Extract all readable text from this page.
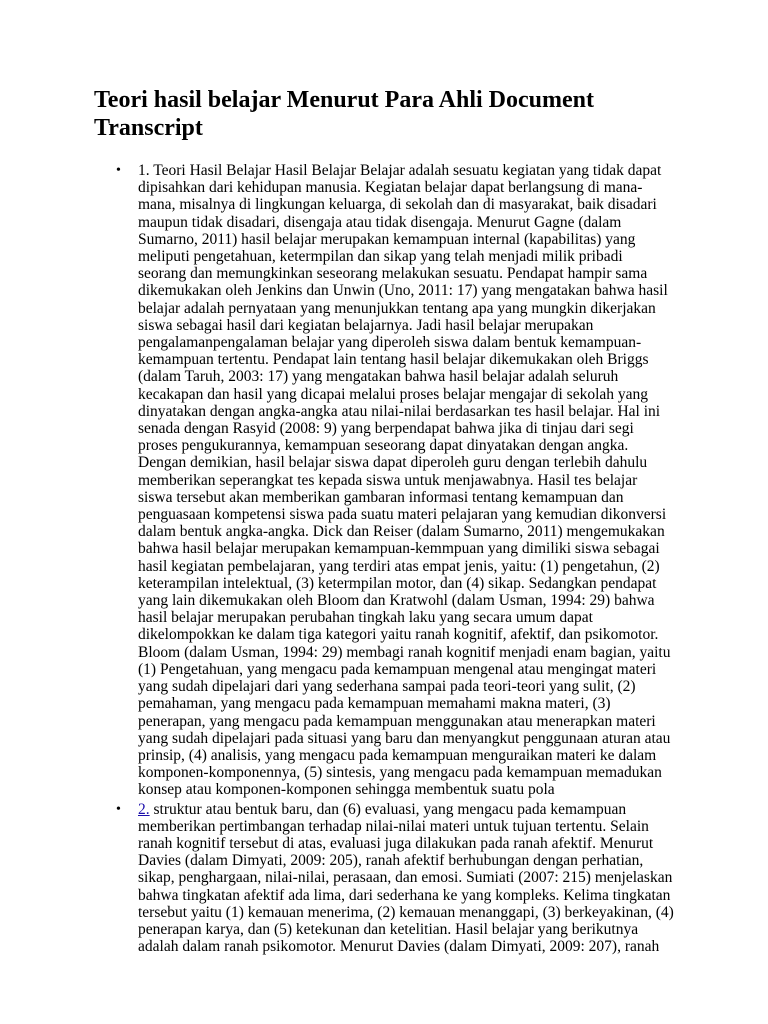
Teori hasil belajar Menurut Para Ahli Document
Transcript
• 1. Teori Hasil Belajar Hasil Belajar Belajar adalah sesuatu kegiatan yang tidak dapat
dipisahkan dari kehidupan manusia. Kegiatan belajar dapat berlangsung di mana-
mana, misalnya di lingkungan keluarga, di sekolah dan di masyarakat, baik disadari
maupun tidak disadari, disengaja atau tidak disengaja. Menurut Gagne (dalam
Sumarno, 2011) hasil belajar merupakan kemampuan internal (kapabilitas) yang
meliputi pengetahuan, ketermpilan dan sikap yang telah menjadi milik pribadi
seorang dan memungkinkan seseorang melakukan sesuatu. Pendapat hampir sama
dikemukakan oleh Jenkins dan Unwin (Uno, 2011: 17) yang mengatakan bahwa hasil
belajar adalah pernyataan yang menunjukkan tentang apa yang mungkin dikerjakan
siswa sebagai hasil dari kegiatan belajarnya. Jadi hasil belajar merupakan
pengalamanpengalaman belajar yang diperoleh siswa dalam bentuk kemampuan-
kemampuan tertentu. Pendapat lain tentang hasil belajar dikemukakan oleh Briggs
(dalam Taruh, 2003: 17) yang mengatakan bahwa hasil belajar adalah seluruh
kecakapan dan hasil yang dicapai melalui proses belajar mengajar di sekolah yang
dinyatakan dengan angka-angka atau nilai-nilai berdasarkan tes hasil belajar. Hal ini
senada dengan Rasyid (2008: 9) yang berpendapat bahwa jika di tinjau dari segi
proses pengukurannya, kemampuan seseorang dapat dinyatakan dengan angka.
Dengan demikian, hasil belajar siswa dapat diperoleh guru dengan terlebih dahulu
memberikan seperangkat tes kepada siswa untuk menjawabnya. Hasil tes belajar
siswa tersebut akan memberikan gambaran informasi tentang kemampuan dan
penguasaan kompetensi siswa pada suatu materi pelajaran yang kemudian dikonversi
dalam bentuk angka-angka. Dick dan Reiser (dalam Sumarno, 2011) mengemukakan
bahwa hasil belajar merupakan kemampuan-kemmpuan yang dimiliki siswa sebagai
hasil kegiatan pembelajaran, yang terdiri atas empat jenis, yaitu: (1) pengetahun, (2)
keterampilan intelektual, (3) ketermpilan motor, dan (4) sikap. Sedangkan pendapat
yang lain dikemukakan oleh Bloom dan Kratwohl (dalam Usman, 1994: 29) bahwa
hasil belajar merupakan perubahan tingkah laku yang secara umum dapat
dikelompokkan ke dalam tiga kategori yaitu ranah kognitif, afektif, dan psikomotor.
Bloom (dalam Usman, 1994: 29) membagi ranah kognitif menjadi enam bagian, yaitu
(1) Pengetahuan, yang mengacu pada kemampuan mengenal atau mengingat materi
yang sudah dipelajari dari yang sederhana sampai pada teori-teori yang sulit, (2)
pemahaman, yang mengacu pada kemampuan memahami makna materi, (3)
penerapan, yang mengacu pada kemampuan menggunakan atau menerapkan materi
yang sudah dipelajari pada situasi yang baru dan menyangkut penggunaan aturan atau
prinsip, (4) analisis, yang mengacu pada kemampuan menguraikan materi ke dalam
komponen-komponennya, (5) sintesis, yang mengacu pada kemampuan memadukan
konsep atau komponen-komponen sehingga membentuk suatu pola
• 2. struktur atau bentuk baru, dan (6) evaluasi, yang mengacu pada kemampuan
memberikan pertimbangan terhadap nilai-nilai materi untuk tujuan tertentu. Selain
ranah kognitif tersebut di atas, evaluasi juga dilakukan pada ranah afektif. Menurut
Davies (dalam Dimyati, 2009: 205), ranah afektif berhubungan dengan perhatian,
sikap, penghargaan, nilai-nilai, perasaan, dan emosi. Sumiati (2007: 215) menjelaskan
bahwa tingkatan afektif ada lima, dari sederhana ke yang kompleks. Kelima tingkatan
tersebut yaitu (1) kemauan menerima, (2) kemauan menanggapi, (3) berkeyakinan, (4)
penerapan karya, dan (5) ketekunan dan ketelitian. Hasil belajar yang berikutnya
adalah dalam ranah psikomotor. Menurut Davies (dalam Dimyati, 2009: 207), ranah
